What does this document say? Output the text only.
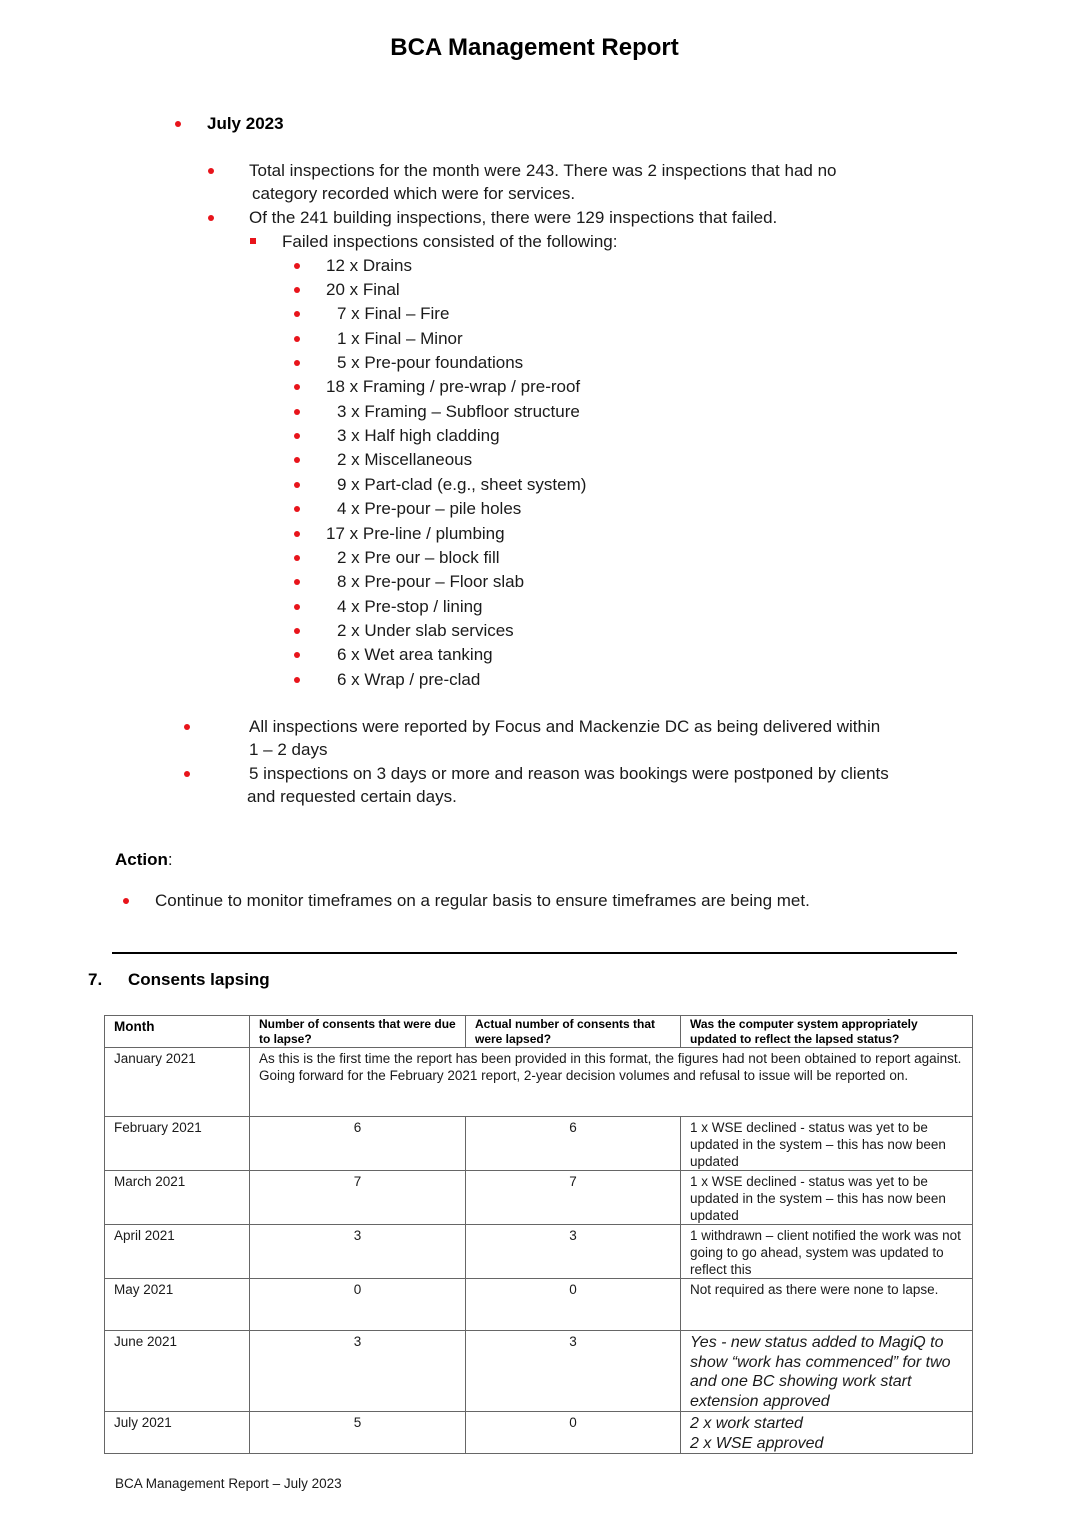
BCA Management Report
July 2023
Total inspections for the month were 243. There was 2 inspections that had no
category recorded which were for services.
Of the 241 building inspections, there were 129 inspections that failed.
Failed inspections consisted of the following:
12 x Drains
20 x Final
7 x Final – Fire
1 x Final – Minor
5 x Pre-pour foundations
18 x Framing / pre-wrap / pre-roof
3 x Framing – Subfloor structure
3 x Half high cladding
2 x Miscellaneous
9 x Part-clad (e.g., sheet system)
4 x Pre-pour – pile holes
17 x Pre-line / plumbing
2 x Pre our – block fill
8 x Pre-pour – Floor slab
4 x Pre-stop / lining
2 x Under slab services
6 x Wet area tanking
6 x Wrap / pre-clad
All inspections were reported by Focus and Mackenzie DC as being delivered within
1 – 2 days
5 inspections on 3 days or more and reason was bookings were postponed by clients
and requested certain days.
Action:
Continue to monitor timeframes on a regular basis to ensure timeframes are being met.
7. Consents lapsing
Month	Number of consents that were due to lapse?	Actual number of consents that were lapsed?	Was the computer system appropriately updated to reflect the lapsed status?
January 2021	As this is the first time the report has been provided in this format, the figures had not been obtained to report against. Going forward for the February 2021 report, 2-year decision volumes and refusal to issue will be reported on.		
February 2021	6	6	1 x WSE declined - status was yet to be updated in the system – this has now been updated
March 2021	7	7	1 x WSE declined - status was yet to be updated in the system – this has now been updated
April 2021	3	3	1 withdrawn – client notified the work was not going to go ahead, system was updated to reflect this
May 2021	0	0	Not required as there were none to lapse.
June 2021	3	3	Yes - new status added to MagiQ to show “work has commenced” for two and one BC showing work start extension approved
July 2021	5	0	2 x work started
2 x WSE approved
BCA Management Report – July 2023
